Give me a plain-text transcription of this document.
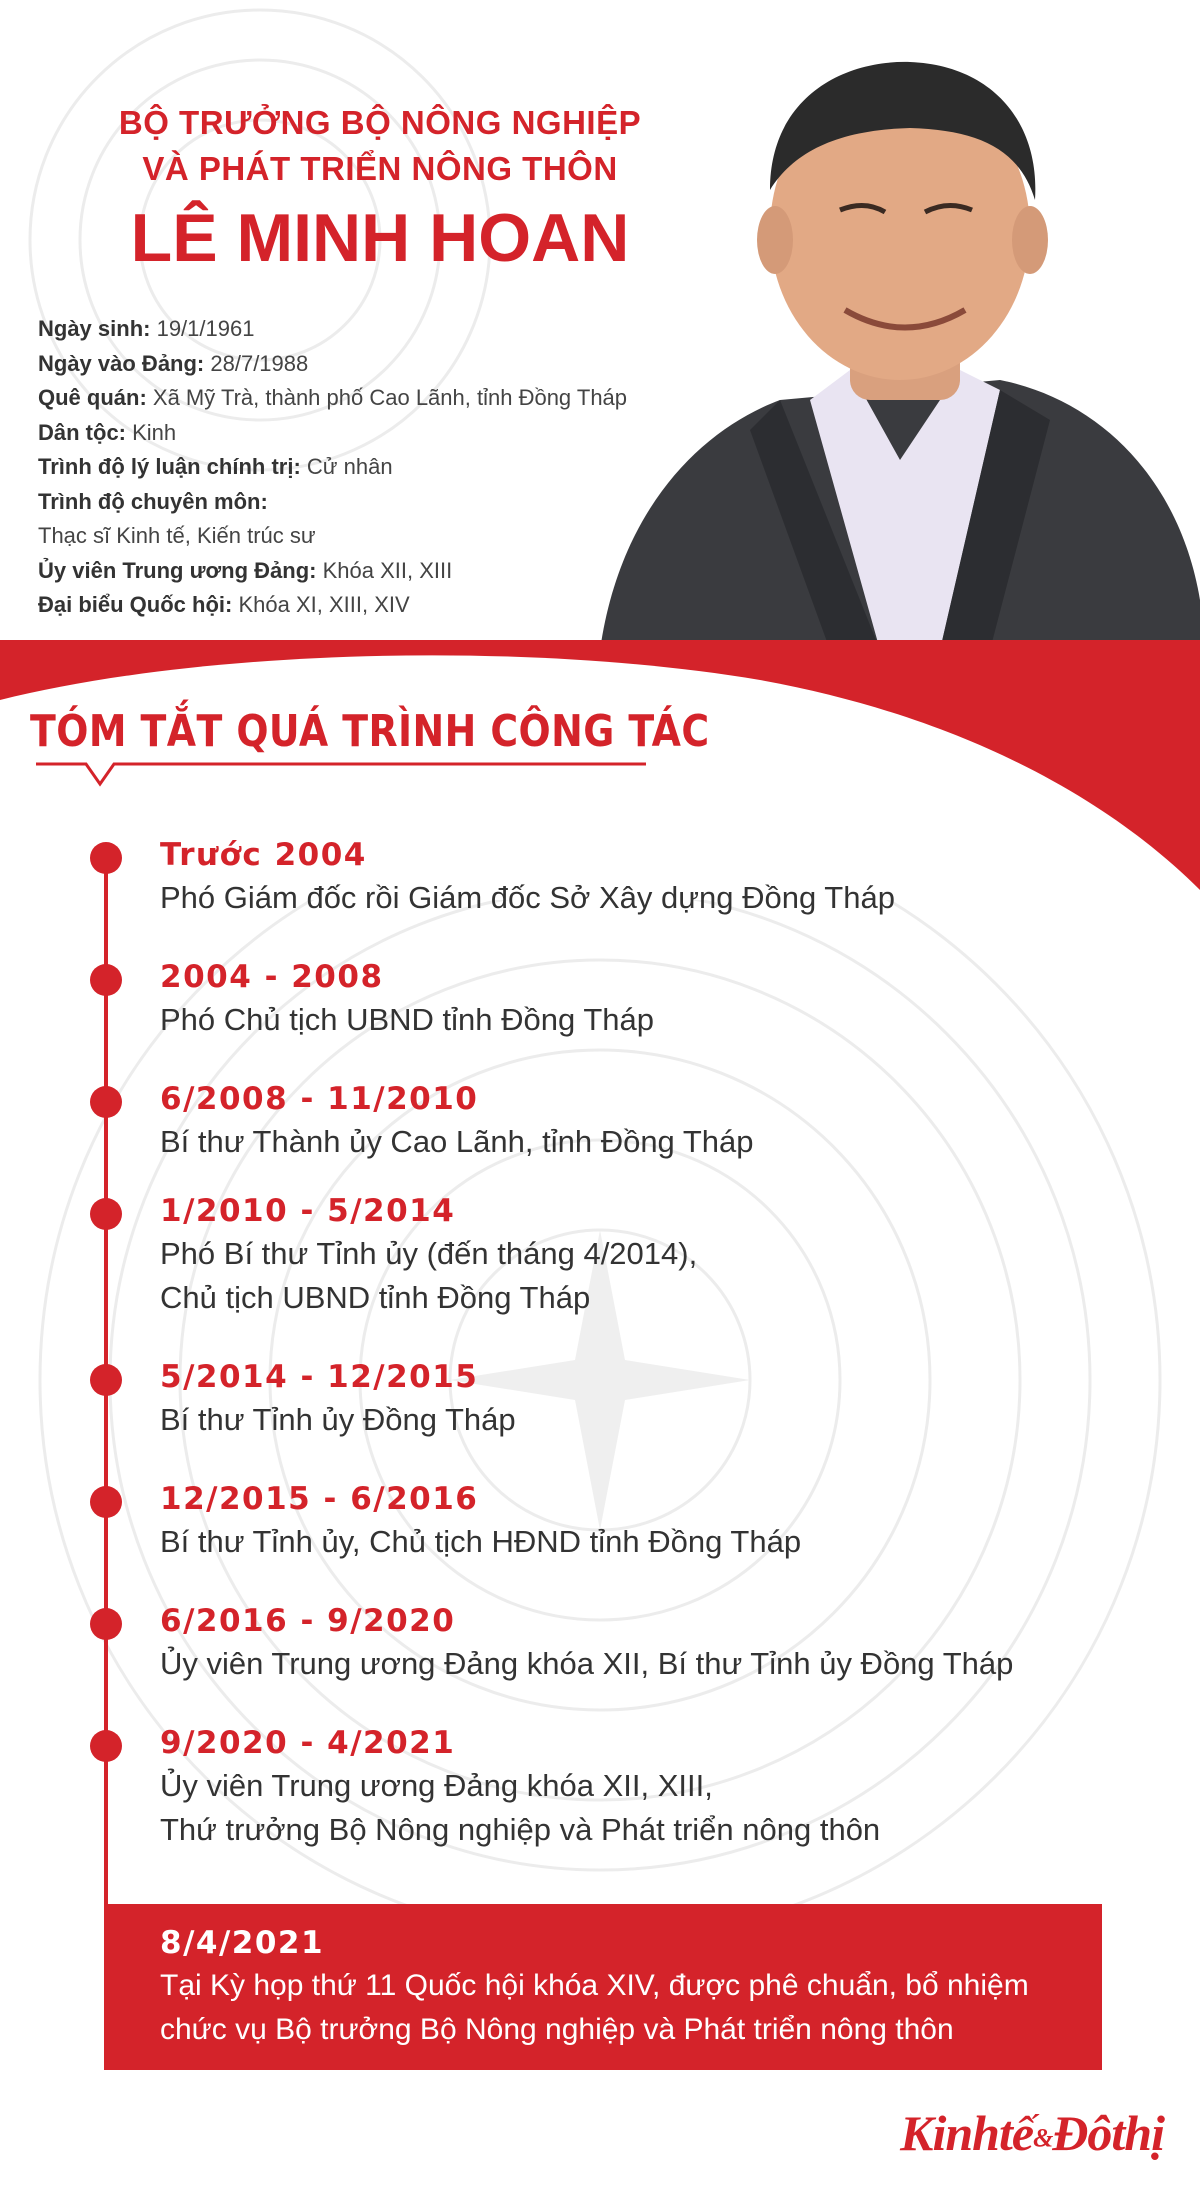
BỘ TRƯỞNG BỘ NÔNG NGHIỆP
VÀ PHÁT TRIỂN NÔNG THÔN
LÊ MINH HOAN
Ngày sinh: 19/1/1961
Ngày vào Đảng: 28/7/1988
Quê quán: Xã Mỹ Trà, thành phố Cao Lãnh, tỉnh Đồng Tháp
Dân tộc: Kinh
Trình độ lý luận chính trị: Cử nhân
Trình độ chuyên môn:
Thạc sĩ Kinh tế, Kiến trúc sư
Ủy viên Trung ương Đảng: Khóa XII, XIII
Đại biểu Quốc hội: Khóa XI, XIII, XIV
TÓM TẮT QUÁ TRÌNH CÔNG TÁC
Trước 2004
Phó Giám đốc rồi Giám đốc Sở Xây dựng Đồng Tháp
2004 - 2008
Phó Chủ tịch UBND tỉnh Đồng Tháp
6/2008 - 11/2010
Bí thư Thành ủy Cao Lãnh, tỉnh Đồng Tháp
1/2010 - 5/2014
Phó Bí thư Tỉnh ủy (đến tháng 4/2014),
Chủ tịch UBND tỉnh Đồng Tháp
5/2014 - 12/2015
Bí thư Tỉnh ủy Đồng Tháp
12/2015 - 6/2016
Bí thư Tỉnh ủy, Chủ tịch HĐND tỉnh Đồng Tháp
6/2016 - 9/2020
Ủy viên Trung ương Đảng khóa XII, Bí thư Tỉnh ủy Đồng Tháp
9/2020 - 4/2021
Ủy viên Trung ương Đảng khóa XII, XIII,
Thứ trưởng Bộ Nông nghiệp và Phát triển nông thôn
8/4/2021
Tại Kỳ họp thứ 11 Quốc hội khóa XIV, được phê chuẩn, bổ nhiệm
chức vụ Bộ trưởng Bộ Nông nghiệp và Phát triển nông thôn
Kinhtế&Đôthị
